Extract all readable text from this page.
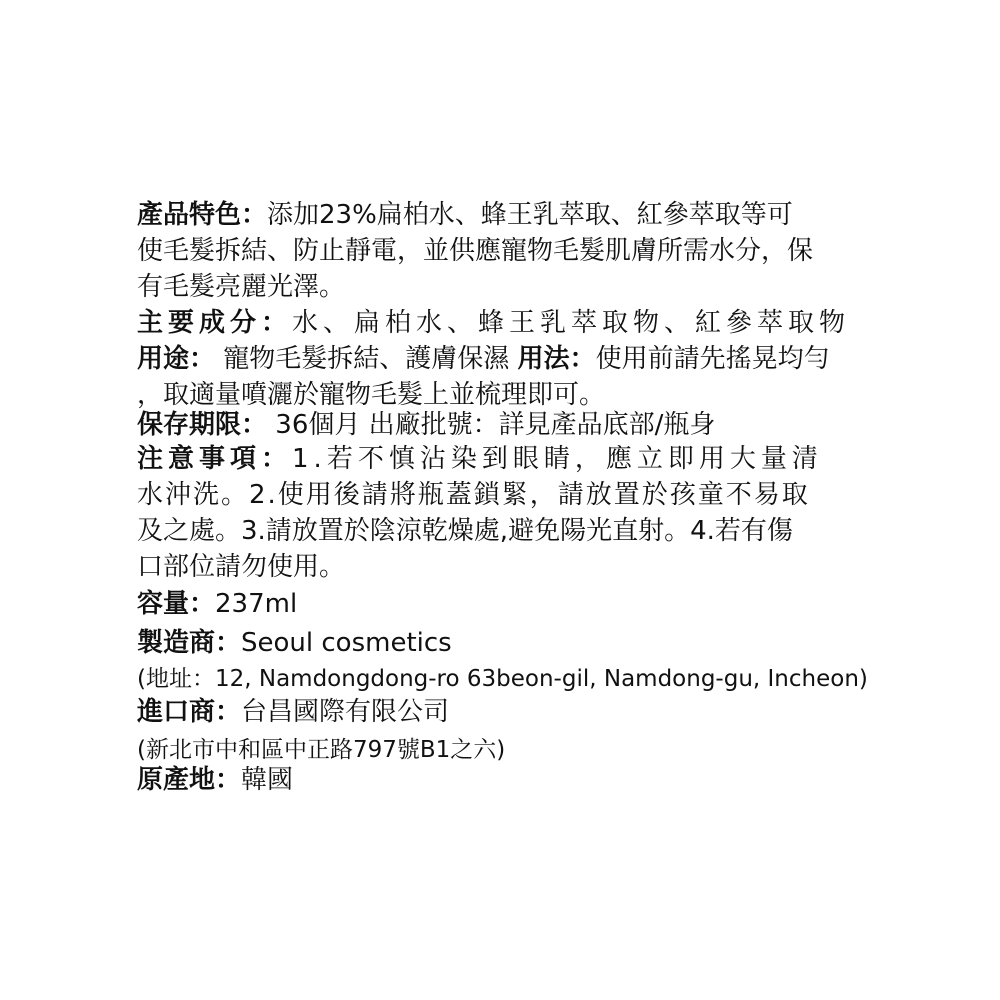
產品特色：添加23%扁柏水、蜂王乳萃取、紅參萃取等可
使毛髮拆結、防止靜電，並供應寵物毛髮肌膚所需水分，保
有毛髮亮麗光澤。
主要成分：水、扁柏水、蜂王乳萃取物、紅參萃取物
用途： 寵物毛髮拆結、護膚保濕 用法：使用前請先搖晃均勻
，取適量噴灑於寵物毛髮上並梳理即可。
保存期限： 36個月 出廠批號：詳見產品底部/瓶身
注意事項：1.若不慎沾染到眼睛，應立即用大量清
水沖洗。2.使用後請將瓶蓋鎖緊，請放置於孩童不易取
及之處。3.請放置於陰涼乾燥處,避免陽光直射。4.若有傷
口部位請勿使用。
容量：237ml
製造商：Seoul cosmetics
(地址：12, Namdongdong-ro 63beon-gil, Namdong-gu, Incheon)
進口商：台昌國際有限公司
(新北市中和區中正路797號B1之六)
原產地：韓國
